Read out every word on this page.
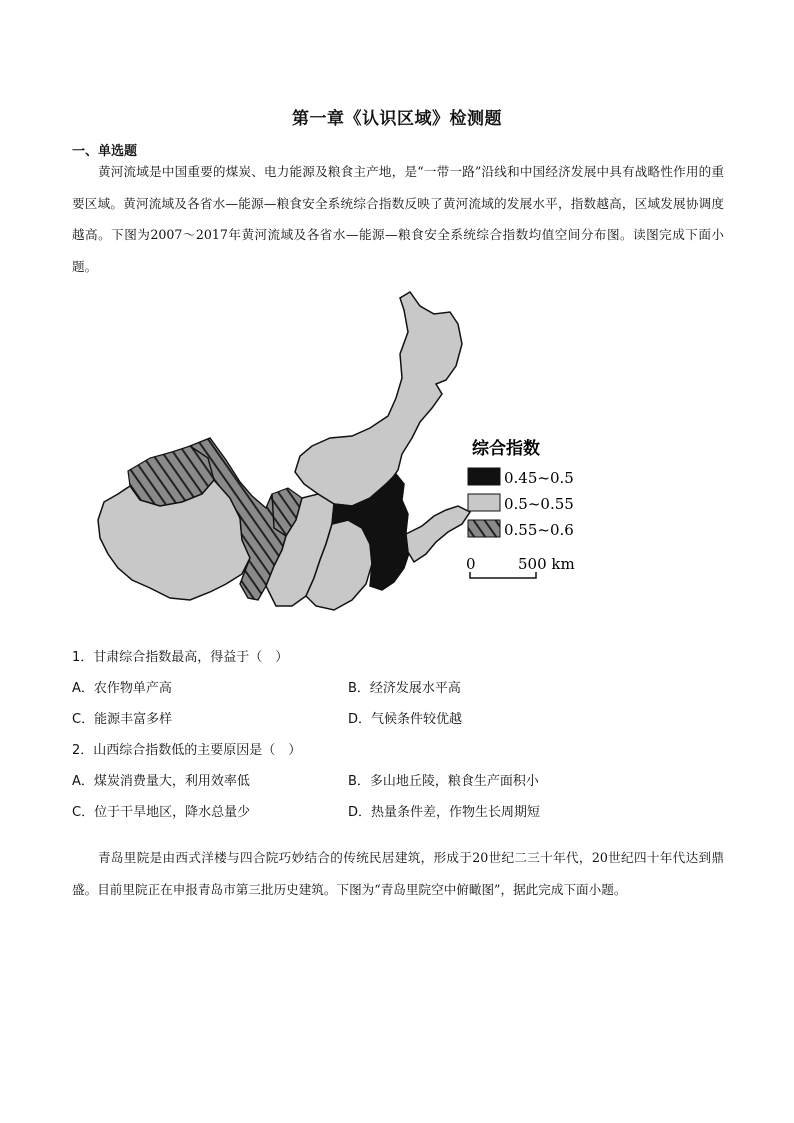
第一章《认识区域》检测题
一、单选题

黄河流域是中国重要的煤炭、电力能源及粮食主产地，是“一带一路”沿线和中国经济发展中具有战略性作用的重要区域。黄河流域及各省水—能源—粮食安全系统综合指数反映了黄河流域的发展水平，指数越高，区域发展协调度越高。下图为2007～2017年黄河流域及各省水—能源—粮食安全系统综合指数均值空间分布图。读图完成下面小题。

综合指数
0.45~0.5
0.5~0.55
0.55~0.6
0	500 km
1．甘肃综合指数最高，得益于（　）
A．农作物单产高	B．经济发展水平高
C．能源丰富多样	D．气候条件较优越
2．山西综合指数低的主要原因是（　）
A．煤炭消费量大，利用效率低	B．多山地丘陵，粮食生产面积小
C．位于干旱地区，降水总量少	D．热量条件差，作物生长周期短

青岛里院是由西式洋楼与四合院巧妙结合的传统民居建筑，形成于20世纪二三十年代，20世纪四十年代达到鼎盛。目前里院正在申报青岛市第三批历史建筑。下图为“青岛里院空中俯瞰图”，据此完成下面小题。
